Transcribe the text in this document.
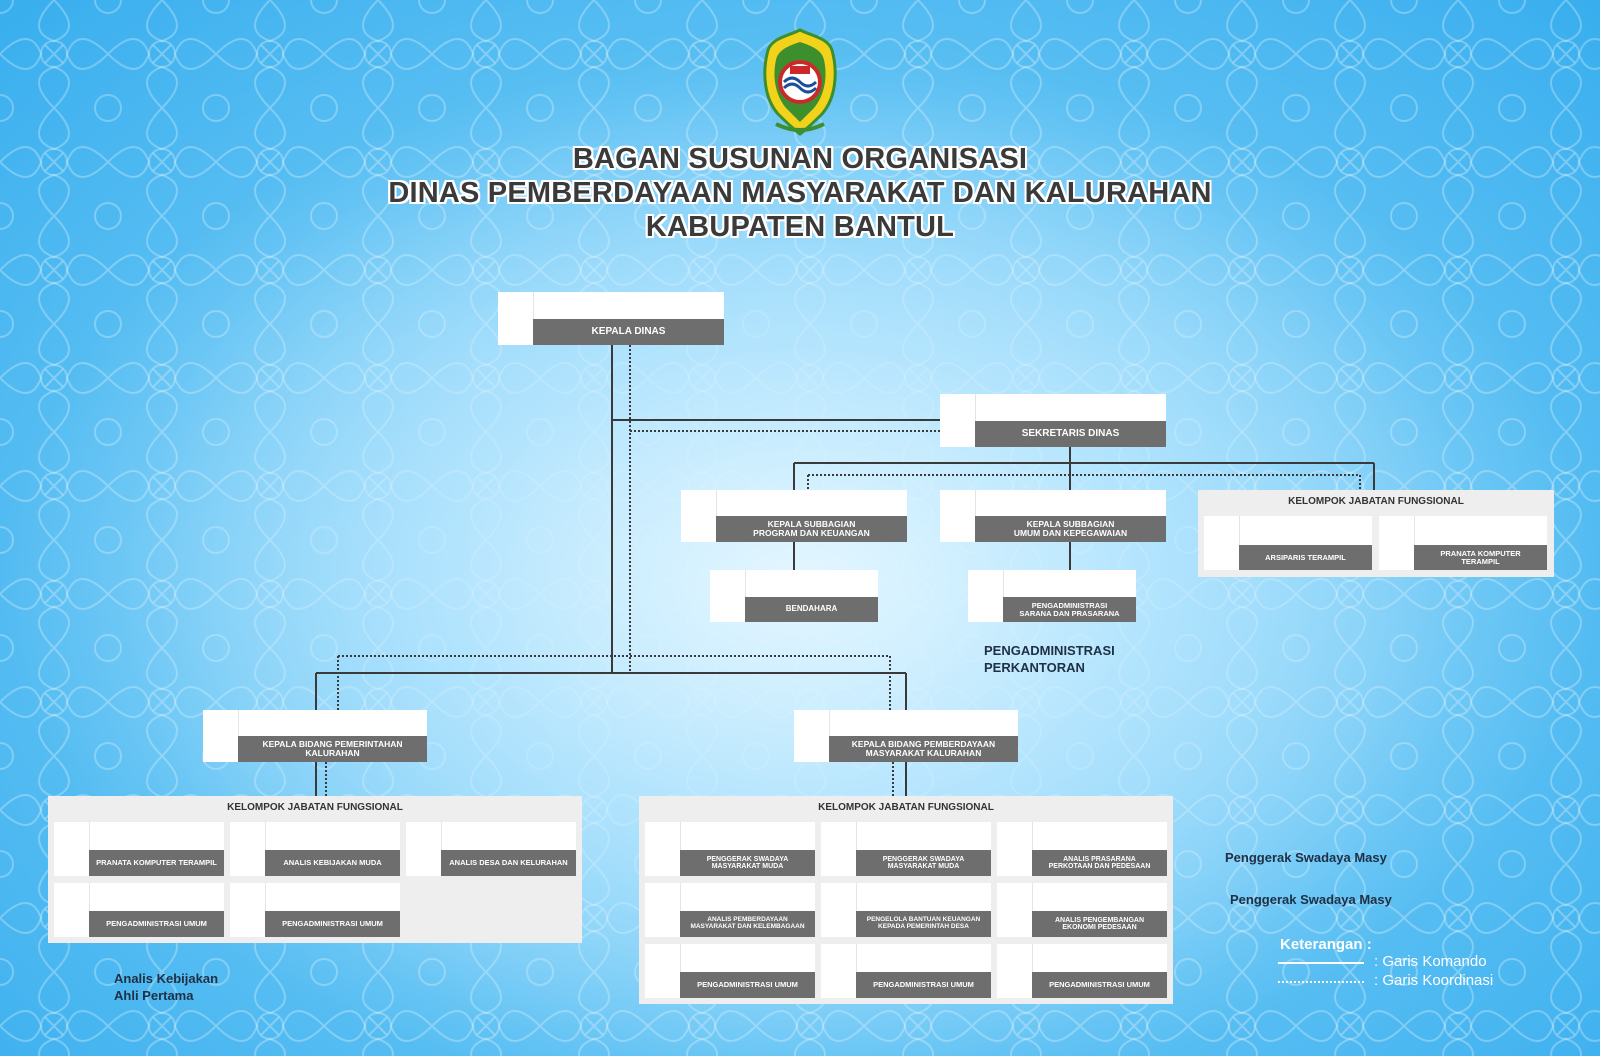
BAGAN SUSUNAN ORGANISASI
DINAS PEMBERDAYAAN MASYARAKAT DAN KALURAHAN
KABUPATEN BANTUL
KEPALA DINAS
SEKRETARIS DINAS
KEPALA SUBBAGIAN
PROGRAM DAN KEUANGAN
KEPALA SUBBAGIAN
UMUM DAN KEPEGAWAIAN
BENDAHARA	PENGADMINISTRASI
SARANA DAN PRASARANA
KELOMPOK JABATAN FUNGSIONAL
ARSIPARIS TERAMPIL	PRANATA KOMPUTER
TERAMPIL
PENGADMINISTRASI
PERKANTORAN
KEPALA BIDANG PEMERINTAHAN
KALURAHAN
KEPALA BIDANG PEMBERDAYAAN
MASYARAKAT KALURAHAN
KELOMPOK JABATAN FUNGSIONAL
PRANATA KOMPUTER TERAMPIL	ANALIS KEBIJAKAN MUDA	ANALIS DESA DAN KELURAHAN
PENGADMINISTRASI UMUM	PENGADMINISTRASI UMUM
KELOMPOK JABATAN FUNGSIONAL
PENGGERAK SWADAYA
MASYARAKAT MUDA
PENGGERAK SWADAYA
MASYARAKAT MUDA
ANALIS PRASARANA
PERKOTAAN DAN PEDESAAN
ANALIS PEMBERDAYAAN
MASYARAKAT DAN KELEMBAGAAN
PENGELOLA BANTUAN KEUANGAN
KEPADA PEMERINTAH DESA
ANALIS PENGEMBANGAN
EKONOMI PEDESAAN
PENGADMINISTRASI UMUM	PENGADMINISTRASI UMUM	PENGADMINISTRASI UMUM
Analis Kebijakan
Ahli Pertama
Penggerak Swadaya Masy
Penggerak Swadaya Masy
Keterangan :
: Garis Komando
: Garis Koordinasi
